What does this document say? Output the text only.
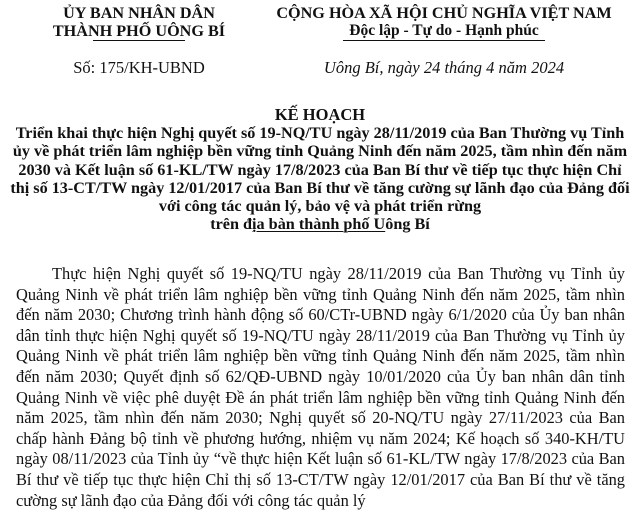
ỦY BAN NHÂN DÂN
THÀNH PHỐ UÔNG BÍ
Số: 175/KH-UBND
CỘNG HÒA XÃ HỘI CHỦ NGHĨA VIỆT NAM
Độc lập - Tự do - Hạnh phúc
Uông Bí, ngày 24 tháng 4 năm 2024
KẾ HOẠCH
Triển khai thực hiện Nghị quyết số 19-NQ/TU ngày 28/11/2019 của Ban Thường vụ Tỉnh ủy về phát triển lâm nghiệp bền vững tỉnh Quảng Ninh đến năm 2025, tầm nhìn đến năm 2030 và Kết luận số 61-KL/TW ngày 17/8/2023 của Ban Bí thư về tiếp tục thực hiện Chỉ thị số 13-CT/TW ngày 12/01/2017 của Ban Bí thư về tăng cường sự lãnh đạo của Đảng đối với công tác quản lý, bảo vệ và phát triển rừng
trên địa bàn thành phố Uông Bí
Thực hiện Nghị quyết số 19-NQ/TU ngày 28/11/2019 của Ban Thường vụ Tỉnh ủy Quảng Ninh về phát triển lâm nghiệp bền vững tỉnh Quảng Ninh đến năm 2025, tầm nhìn đến năm 2030; Chương trình hành động số 60/CTr-UBND ngày 6/1/2020 của Ủy ban nhân dân tỉnh thực hiện Nghị quyết số 19-NQ/TU ngày 28/11/2019 của Ban Thường vụ Tỉnh ủy Quảng Ninh về phát triển lâm nghiệp bền vững tỉnh Quảng Ninh đến năm 2025, tầm nhìn đến năm 2030; Quyết định số 62/QĐ-UBND ngày 10/01/2020 của Ủy ban nhân dân tỉnh Quảng Ninh về việc phê duyệt Đề án phát triển lâm nghiệp bền vững tỉnh Quảng Ninh đến năm 2025, tầm nhìn đến năm 2030; Nghị quyết số 20-NQ/TU ngày 27/11/2023 của Ban chấp hành Đảng bộ tỉnh về phương hướng, nhiệm vụ năm 2024; Kế hoạch số 340-KH/TU ngày 08/11/2023 của Tỉnh ủy “về thực hiện Kết luận số 61-KL/TW ngày 17/8/2023 của Ban Bí thư về tiếp tục thực hiện Chỉ thị số 13-CT/TW ngày 12/01/2017 của Ban Bí thư về tăng cường sự lãnh đạo của Đảng đối với công tác quản lý
